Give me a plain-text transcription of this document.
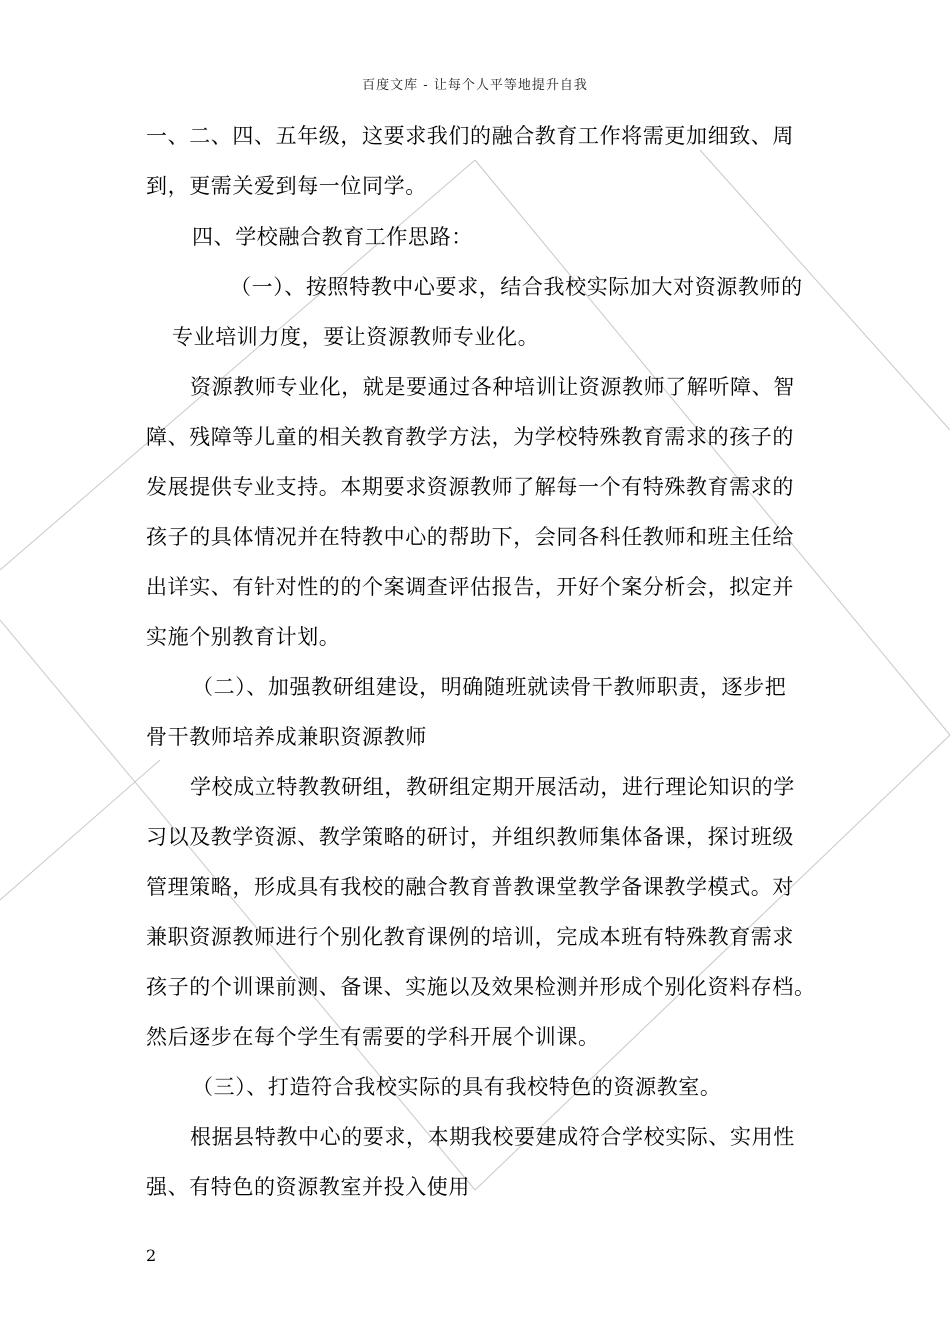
百度文库 - 让每个人平等地提升自我
一、二、四、五年级，这要求我们的融合教育工作将需更加细致、周
到，更需关爱到每一位同学。
四、学校融合教育工作思路：
（一）、按照特教中心要求，结合我校实际加大对资源教师的
专业培训力度，要让资源教师专业化。
资源教师专业化，就是要通过各种培训让资源教师了解听障、智
障、残障等儿童的相关教育教学方法，为学校特殊教育需求的孩子的
发展提供专业支持。本期要求资源教师了解每一个有特殊教育需求的
孩子的具体情况并在特教中心的帮助下，会同各科任教师和班主任给
出详实、有针对性的的个案调查评估报告，开好个案分析会，拟定并
实施个别教育计划。
（二）、加强教研组建设，明确随班就读骨干教师职责，逐步把
骨干教师培养成兼职资源教师
学校成立特教教研组，教研组定期开展活动，进行理论知识的学
习以及教学资源、教学策略的研讨，并组织教师集体备课，探讨班级
管理策略，形成具有我校的融合教育普教课堂教学备课教学模式。对
兼职资源教师进行个别化教育课例的培训，完成本班有特殊教育需求
孩子的个训课前测、备课、实施以及效果检测并形成个别化资料存档。
然后逐步在每个学生有需要的学科开展个训课。
（三）、打造符合我校实际的具有我校特色的资源教室。
根据县特教中心的要求，本期我校要建成符合学校实际、实用性
强、有特色的资源教室并投入使用
2
